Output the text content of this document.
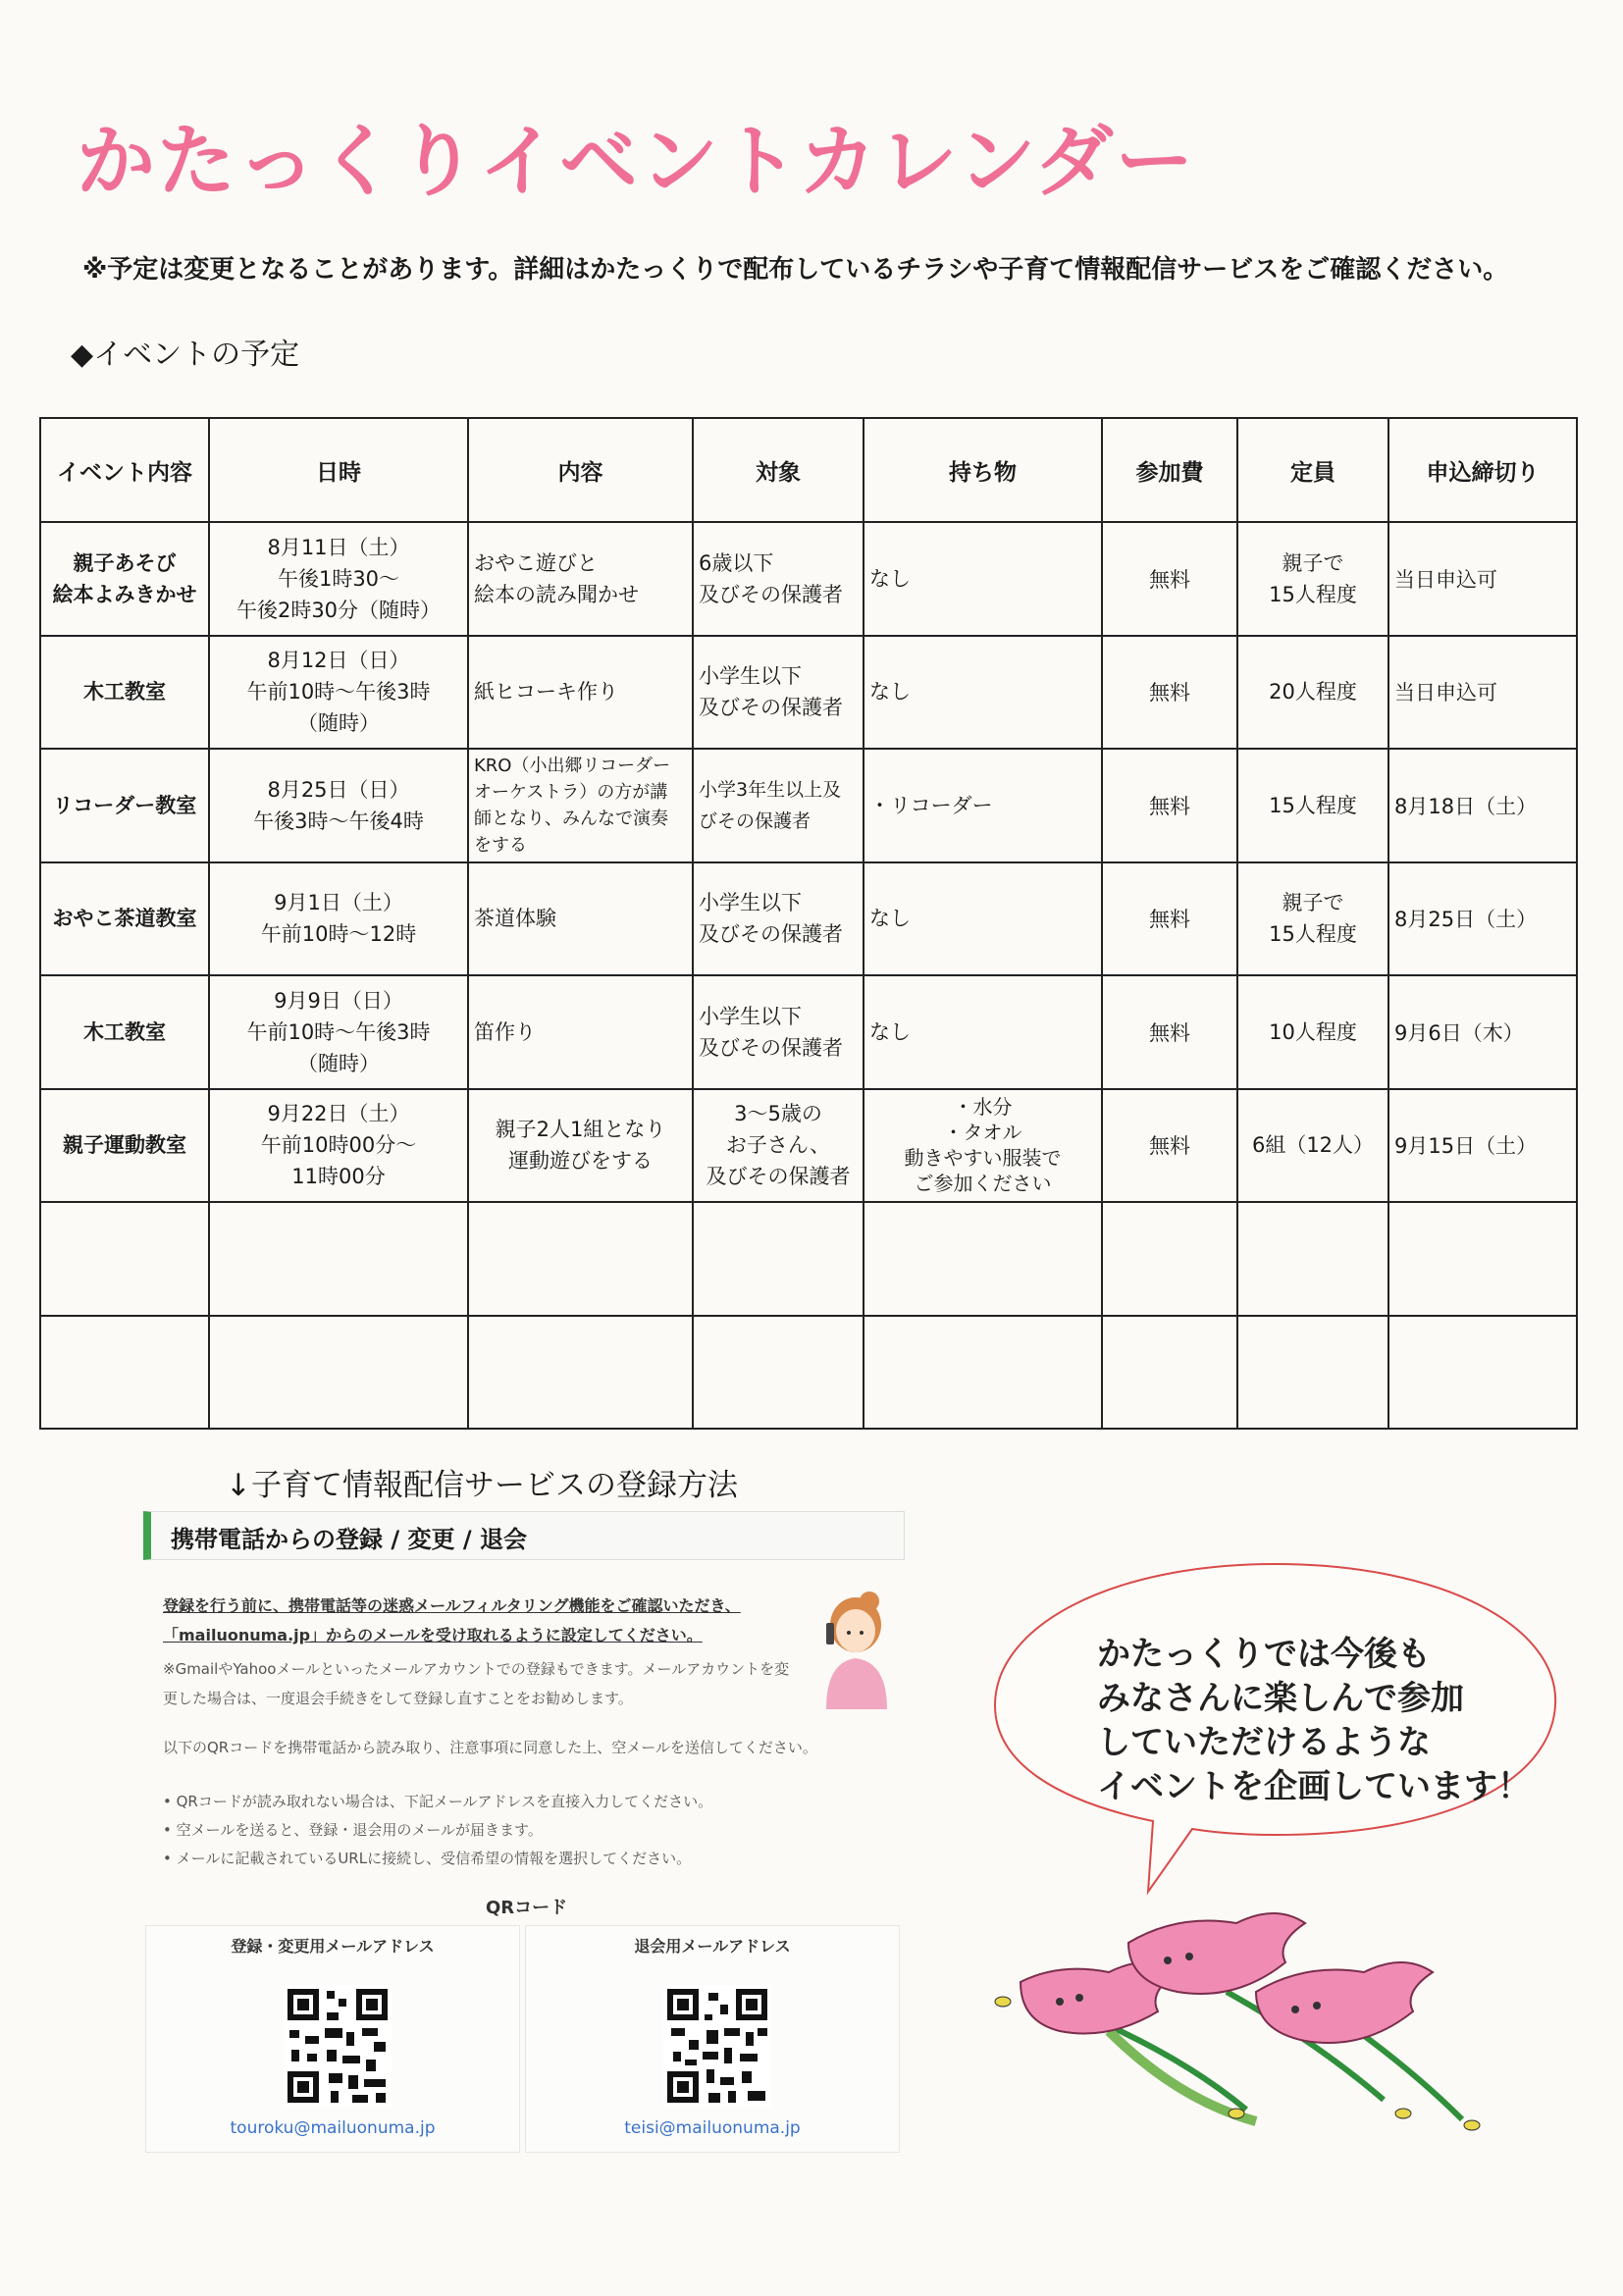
かたっくりイベントカレンダー
※予定は変更となることがあります。詳細はかたっくりで配布しているチラシや子育て情報配信サービスをご確認ください。
◆イベントの予定
イベント内容	日時	内容	対象	持ち物	参加費	定員	申込締切り

親子あそび
絵本よみきかせ	8月11日（土）
午後1時30～
午後2時30分（随時）	おやこ遊びと
絵本の読み聞かせ	6歳以下
及びその保護者	なし	無料	親子で
15人程度	当日申込可

木工教室	8月12日（日）
午前10時～午後3時
（随時）	紙ヒコーキ作り	小学生以下
及びその保護者	なし	無料	20人程度	当日申込可

リコーダー教室	8月25日（日）
午後3時～午後4時	KRO（小出郷リコーダー
オーケストラ）の方が講
師となり、みんなで演奏
をする	小学3年生以上及
びその保護者	・リコーダー	無料	15人程度	8月18日（土）

おやこ茶道教室	9月1日（土）
午前10時～12時	茶道体験	小学生以下
及びその保護者	なし	無料	親子で
15人程度	8月25日（土）

木工教室	9月9日（日）
午前10時～午後3時
（随時）	笛作り	小学生以下
及びその保護者	なし	無料	10人程度	9月6日（木）

親子運動教室	9月22日（土）
午前10時00分～
11時00分	親子2人1組となり
運動遊びをする	3～5歳の
お子さん、
及びその保護者	・水分
・タオル
動きやすい服装で
ご参加ください	無料	6組（12人）	9月15日（土）

↓子育て情報配信サービスの登録方法
携帯電話からの登録 / 変更 / 退会

登録を行う前に、携帯電話等の迷惑メールフィルタリング機能をご確認いただき、

「mailuonuma.jp」からのメールを受け取れるように設定してください。

※GmailやYahooメールといったメールアカウントでの登録もできます。メールアカウントを変更した場合は、一度退会手続きをして登録し直すことをお勧めします。
以下のQRコードを携帯電話から読み取り、注意事項に同意した上、空メールを送信してください。
• QRコードが読み取れない場合は、下記メールアドレスを直接入力してください。
• 空メールを送ると、登録・退会用のメールが届きます。
• メールに記載されているURLに接続し、受信希望の情報を選択してください。
QRコード
登録・変更用メールアドレス
touroku@mailuonuma.jp
退会用メールアドレス
teisi@mailuonuma.jp
かたっくりでは今後も
みなさんに楽しんで参加
していただけるような
イベントを企画しています！
